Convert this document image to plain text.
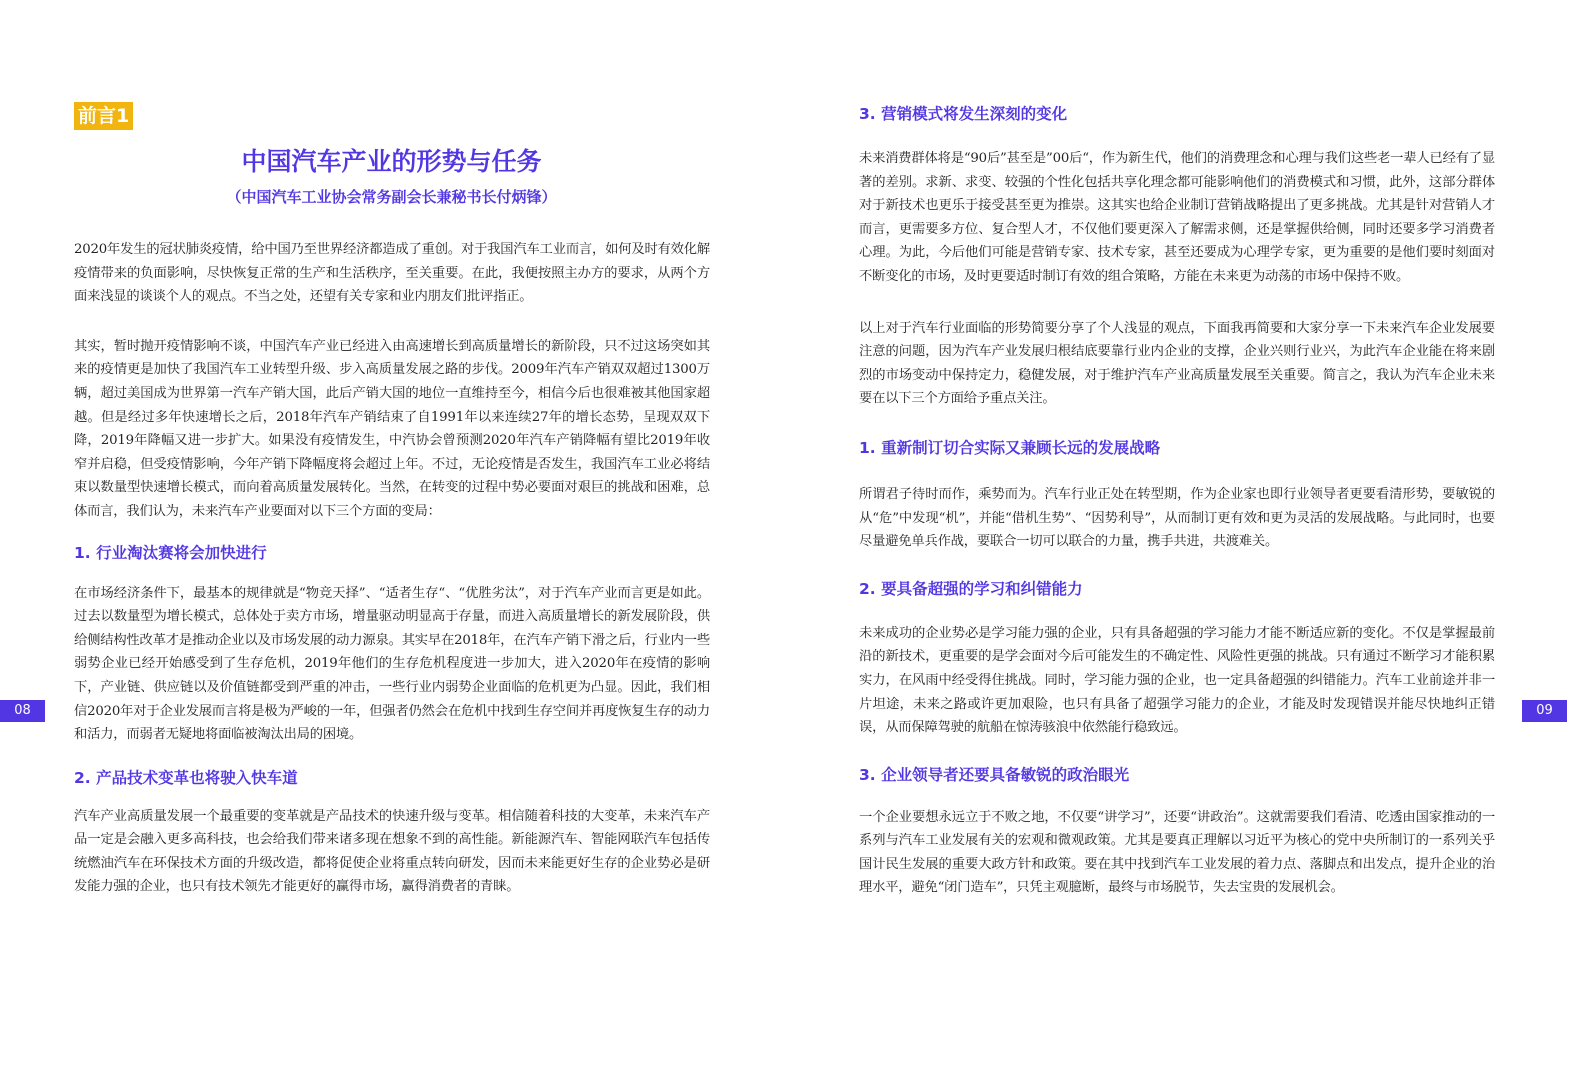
前言1
中国汽车产业的形势与任务
（中国汽车工业协会常务副会长兼秘书长付炳锋）

2020年发生的冠状肺炎疫情，给中国乃至世界经济都造成了重创。对于我国汽车工业而言，如何及时有效化解疫情带来的负面影响，尽快恢复正常的生产和生活秩序，至关重要。在此，我便按照主办方的要求，从两个方面来浅显的谈谈个人的观点。不当之处，还望有关专家和业内朋友们批评指正。

其实，暂时抛开疫情影响不谈，中国汽车产业已经进入由高速增长到高质量增长的新阶段，只不过这场突如其来的疫情更是加快了我国汽车工业转型升级、步入高质量发展之路的步伐。2009年汽车产销双双超过1300万辆，超过美国成为世界第一汽车产销大国，此后产销大国的地位一直维持至今，相信今后也很难被其他国家超越。但是经过多年快速增长之后，2018年汽车产销结束了自1991年以来连续27年的增长态势，呈现双双下降，2019年降幅又进一步扩大。如果没有疫情发生，中汽协会曾预测2020年汽车产销降幅有望比2019年收窄并启稳，但受疫情影响，今年产销下降幅度将会超过上年。不过，无论疫情是否发生，我国汽车工业必将结束以数量型快速增长模式，而向着高质量发展转化。当然，在转变的过程中势必要面对艰巨的挑战和困难，总体而言，我们认为，未来汽车产业要面对以下三个方面的变局：

1. 行业淘汰赛将会加快进行

在市场经济条件下，最基本的规律就是“物竞天择”、“适者生存“、“优胜劣汰”，对于汽车产业而言更是如此。过去以数量型为增长模式，总体处于卖方市场，增量驱动明显高于存量，而进入高质量增长的新发展阶段，供给侧结构性改革才是推动企业以及市场发展的动力源泉。其实早在2018年，在汽车产销下滑之后，行业内一些弱势企业已经开始感受到了生存危机，2019年他们的生存危机程度进一步加大，进入2020年在疫情的影响下，产业链、供应链以及价值链都受到严重的冲击，一些行业内弱势企业面临的危机更为凸显。因此，我们相信2020年对于企业发展而言将是极为严峻的一年，但强者仍然会在危机中找到生存空间并再度恢复生存的动力和活力，而弱者无疑地将面临被淘汰出局的困境。

2. 产品技术变革也将驶入快车道

汽车产业高质量发展一个最重要的变革就是产品技术的快速升级与变革。相信随着科技的大变革，未来汽车产品一定是会融入更多高科技，也会给我们带来诸多现在想象不到的高性能。新能源汽车、智能网联汽车包括传统燃油汽车在环保技术方面的升级改造，都将促使企业将重点转向研发，因而未来能更好生存的企业势必是研发能力强的企业，也只有技术领先才能更好的赢得市场，赢得消费者的青睐。

08
3. 营销模式将发生深刻的变化

未来消费群体将是“90后”甚至是”00后“，作为新生代，他们的消费理念和心理与我们这些老一辈人已经有了显著的差别。求新、求变、较强的个性化包括共享化理念都可能影响他们的消费模式和习惯，此外，这部分群体对于新技术也更乐于接受甚至更为推崇。这其实也给企业制订营销战略提出了更多挑战。尤其是针对营销人才而言，更需要多方位、复合型人才，不仅他们要更深入了解需求侧，还是掌握供给侧，同时还要多学习消费者心理。为此，今后他们可能是营销专家、技术专家，甚至还要成为心理学专家，更为重要的是他们要时刻面对不断变化的市场，及时更要适时制订有效的组合策略，方能在未来更为动荡的市场中保持不败。

以上对于汽车行业面临的形势简要分享了个人浅显的观点，下面我再简要和大家分享一下未来汽车企业发展要注意的问题，因为汽车产业发展归根结底要靠行业内企业的支撑，企业兴则行业兴，为此汽车企业能在将来剧烈的市场变动中保持定力，稳健发展，对于维护汽车产业高质量发展至关重要。简言之，我认为汽车企业未来要在以下三个方面给予重点关注。

1. 重新制订切合实际又兼顾长远的发展战略

所谓君子待时而作，乘势而为。汽车行业正处在转型期，作为企业家也即行业领导者更要看清形势，要敏锐的从“危”中发现“机”，并能“借机生势”、“因势利导”，从而制订更有效和更为灵活的发展战略。与此同时，也要尽量避免单兵作战，要联合一切可以联合的力量，携手共进，共渡难关。

2. 要具备超强的学习和纠错能力

未来成功的企业势必是学习能力强的企业，只有具备超强的学习能力才能不断适应新的变化。不仅是掌握最前沿的新技术，更重要的是学会面对今后可能发生的不确定性、风险性更强的挑战。只有通过不断学习才能积累实力，在风雨中经受得住挑战。同时，学习能力强的企业，也一定具备超强的纠错能力。汽车工业前途并非一片坦途，未来之路或许更加艰险，也只有具备了超强学习能力的企业，才能及时发现错误并能尽快地纠正错误，从而保障驾驶的航船在惊涛骇浪中依然能行稳致远。

3. 企业领导者还要具备敏锐的政治眼光

一个企业要想永远立于不败之地，不仅要“讲学习”，还要“讲政治”。这就需要我们看清、吃透由国家推动的一系列与汽车工业发展有关的宏观和微观政策。尤其是要真正理解以习近平为核心的党中央所制订的一系列关乎国计民生发展的重要大政方针和政策。要在其中找到汽车工业发展的着力点、落脚点和出发点，提升企业的治理水平，避免“闭门造车”，只凭主观臆断，最终与市场脱节，失去宝贵的发展机会。

09
